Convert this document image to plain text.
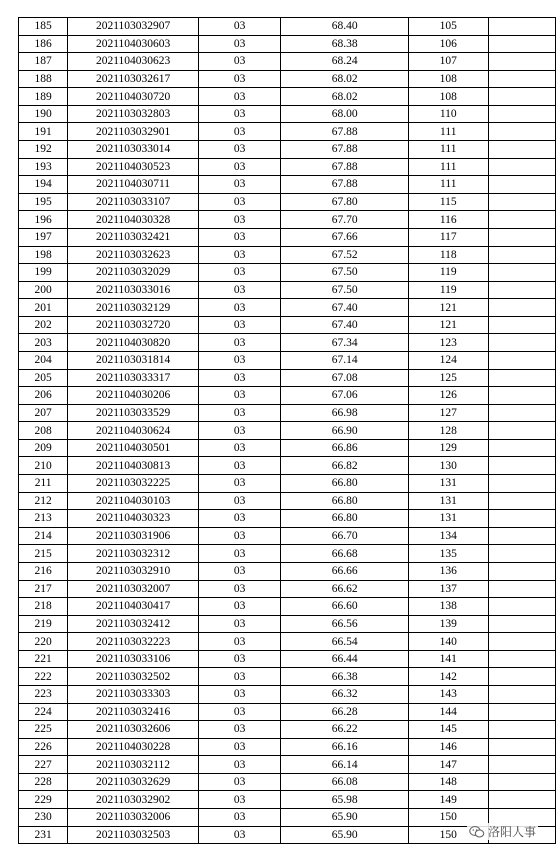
185	2021103032907	03	68.40	105	
186	2021104030603	03	68.38	106	
187	2021104030623	03	68.24	107	
188	2021103032617	03	68.02	108	
189	2021104030720	03	68.02	108	
190	2021103032803	03	68.00	110	
191	2021103032901	03	67.88	111	
192	2021103033014	03	67.88	111	
193	2021104030523	03	67.88	111	
194	2021104030711	03	67.88	111	
195	2021103033107	03	67.80	115	
196	2021104030328	03	67.70	116	
197	2021103032421	03	67.66	117	
198	2021103032623	03	67.52	118	
199	2021103032029	03	67.50	119	
200	2021103033016	03	67.50	119	
201	2021103032129	03	67.40	121	
202	2021103032720	03	67.40	121	
203	2021104030820	03	67.34	123	
204	2021103031814	03	67.14	124	
205	2021103033317	03	67.08	125	
206	2021104030206	03	67.06	126	
207	2021103033529	03	66.98	127	
208	2021104030624	03	66.90	128	
209	2021104030501	03	66.86	129	
210	2021104030813	03	66.82	130	
211	2021103032225	03	66.80	131	
212	2021104030103	03	66.80	131	
213	2021104030323	03	66.80	131	
214	2021103031906	03	66.70	134	
215	2021103032312	03	66.68	135	
216	2021103032910	03	66.66	136	
217	2021103032007	03	66.62	137	
218	2021104030417	03	66.60	138	
219	2021103032412	03	66.56	139	
220	2021103032223	03	66.54	140	
221	2021103033106	03	66.44	141	
222	2021103032502	03	66.38	142	
223	2021103033303	03	66.32	143	
224	2021103032416	03	66.28	144	
225	2021103032606	03	66.22	145	
226	2021104030228	03	66.16	146	
227	2021103032112	03	66.14	147	
228	2021103032629	03	66.08	148	
229	2021103032902	03	65.98	149	
230	2021103032006	03	65.90	150	
231	2021103032503	03	65.90	150		洛阳人事
